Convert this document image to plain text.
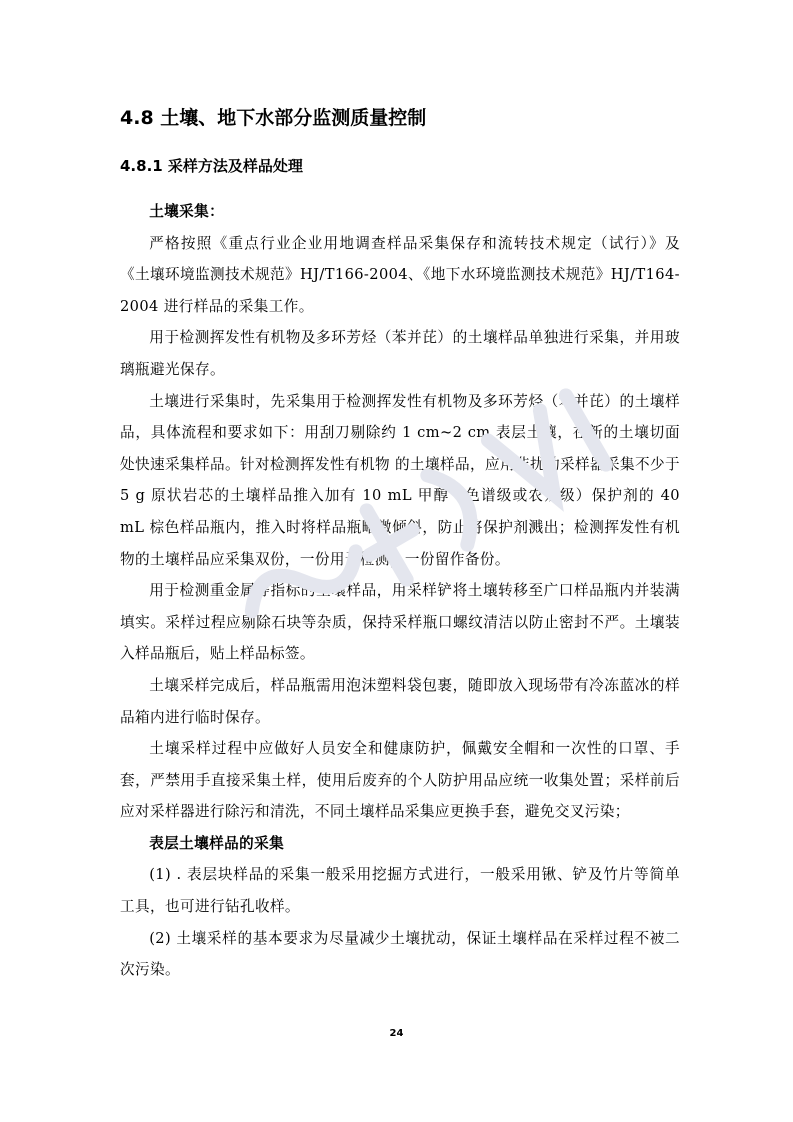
4.8 土壤、地下水部分监测质量控制
4.8.1 采样方法及样品处理

土壤采集：

严格按照《重点行业企业用地调查样品采集保存和流转技术规定（试行）》及《土壤环境监测技术规范》HJ/T166-2004、《地下水环境监测技术规范》HJ/T164-2004 进行样品的采集工作。

用于检测挥发性有机物及多环芳烃（苯并芘）的土壤样品单独进行采集，并用玻璃瓶避光保存。

土壤进行采集时，先采集用于检测挥发性有机物及多环芳烃（苯并芘）的土壤样品，具体流程和要求如下：用刮刀剔除约 1 cm~2 cm 表层土壤，在新的土壤切面处快速采集样品。针对检测挥发性有机物 的土壤样品，应用非扰动采样器采集不少于 5 g 原状岩芯的土壤样品推入加有 10 mL 甲醇（色谱级或农残级）保护剂的 40 mL 棕色样品瓶内，推入时将样品瓶略微倾斜，防止将保护剂溅出；检测挥发性有机物的土壤样品应采集双份，一份用于检测，一份留作备份。

用于检测重金属等指标的土壤样品，用采样铲将土壤转移至广口样品瓶内并装满填实。采样过程应剔除石块等杂质，保持采样瓶口螺纹清洁以防止密封不严。土壤装入样品瓶后，贴上样品标签。

土壤采样完成后，样品瓶需用泡沫塑料袋包裹，随即放入现场带有冷冻蓝冰的样品箱内进行临时保存。

土壤采样过程中应做好人员安全和健康防护，佩戴安全帽和一次性的口罩、手套，严禁用手直接采集土样，使用后废弃的个人防护用品应统一收集处置；采样前后应对采样器进行除污和清洗，不同土壤样品采集应更换手套，避免交叉污染；

表层土壤样品的采集

(1) . 表层块样品的采集一般采用挖掘方式进行，一般采用锹、铲及竹片等简单工具，也可进行钻孔收样。

(2) 土壤采样的基本要求为尽量减少土壤扰动，保证土壤样品在采样过程不被二次污染。

24
